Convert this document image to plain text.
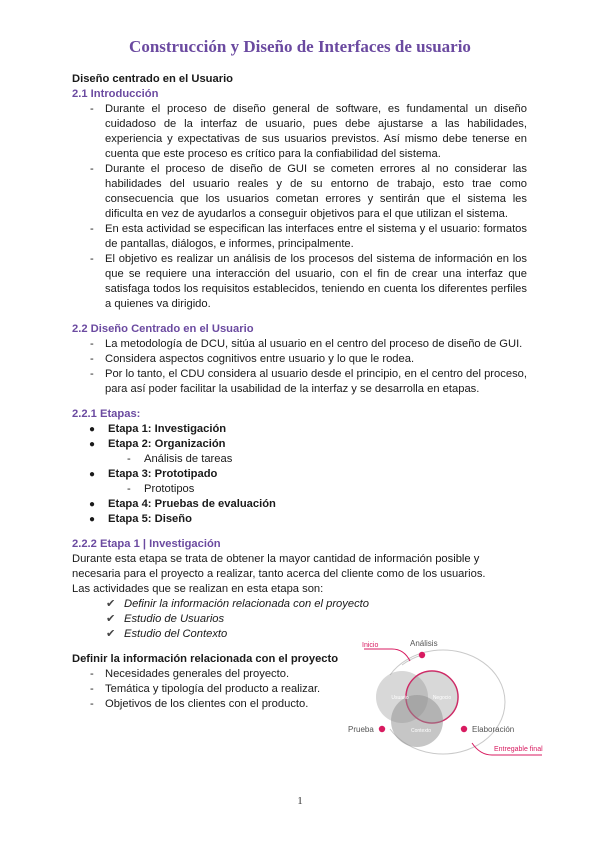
Construcción y Diseño de Interfaces de usuario

Diseño centrado en el Usuario

2.1 Introducción

- Durante el proceso de diseño general de software, es fundamental un diseño cuidadoso de la interfaz de usuario, pues debe ajustarse a las habilidades, experiencia y expectativas de sus usuarios previstos. Así mismo debe tenerse en cuenta que este proceso es crítico para la confiabilidad del sistema.
- Durante el proceso de diseño de GUI se cometen errores al no considerar las habilidades del usuario reales y de su entorno de trabajo, esto trae como consecuencia que los usuarios cometan errores y sentirán que el sistema les dificulta en vez de ayudarlos a conseguir objetivos para el que utilizan el sistema.
- En esta actividad se especifican las interfaces entre el sistema y el usuario: formatos de pantallas, diálogos, e informes, principalmente.
- El objetivo es realizar un análisis de los procesos del sistema de información en los que se requiere una interacción del usuario, con el fin de crear una interfaz que satisfaga todos los requisitos establecidos, teniendo en cuenta los diferentes perfiles a quienes va dirigido.

2.2 Diseño Centrado en el Usuario

- La metodología de DCU, sitúa al usuario en el centro del proceso de diseño de GUI.
- Considera aspectos cognitivos entre usuario y lo que le rodea.
- Por lo tanto, el CDU considera al usuario desde el principio, en el centro del proceso, para así poder facilitar la usabilidad de la interfaz y se desarrolla en etapas.

2.2.1 Etapas:

● Etapa 1: Investigación
● Etapa 2: Organización
- Análisis de tareas
● Etapa 3: Prototipado
- Prototipos
● Etapa 4: Pruebas de evaluación
● Etapa 5: Diseño

2.2.2 Etapa 1 | Investigación

Durante esta etapa se trata de obtener la mayor cantidad de información posible y necesaria para el proyecto a realizar, tanto acerca del cliente como de los usuarios.

Las actividades que se realizan en esta etapa son:

✔ Definir la información relacionada con el proyecto
✔ Estudio de Usuarios
✔ Estudio del Contexto

Definir la información relacionada con el proyecto

- Necesidades generales del proyecto.
- Temática y tipología del producto a realizar.
- Objetivos de los clientes con el producto.	Usuario	Negocio
Contexto
Inicio	Análisis
Elaboración
Prueba
Entregable final
1
